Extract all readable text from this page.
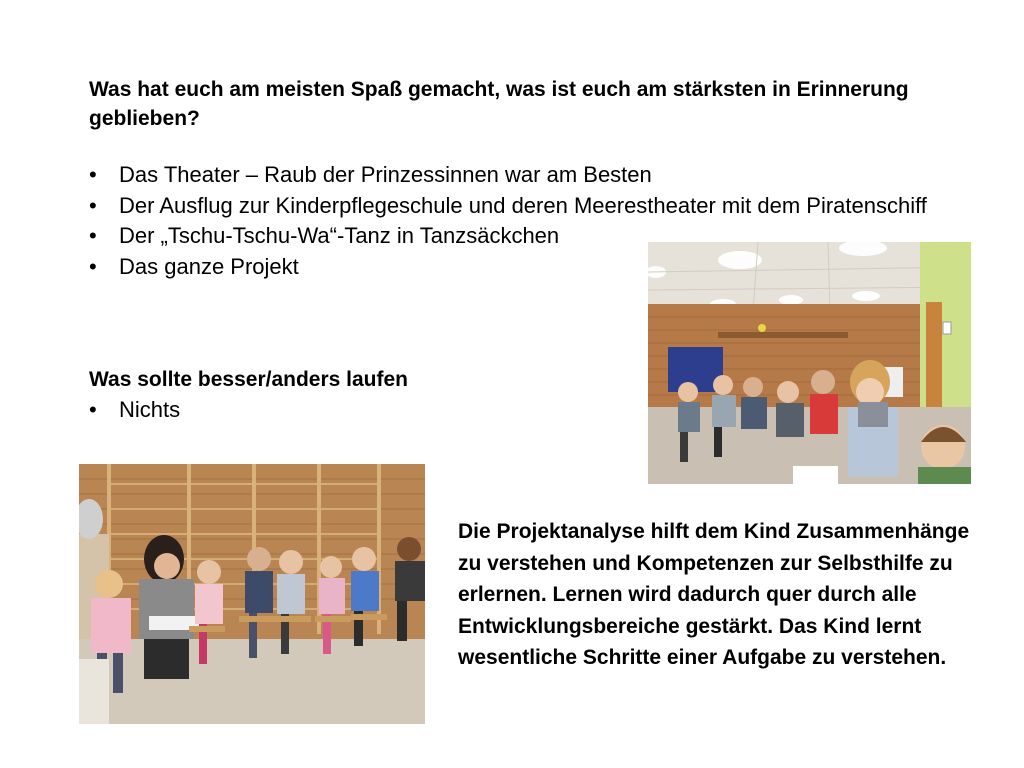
Was hat euch am meisten Spaß gemacht, was ist euch am stärksten in Erinnerung geblieben?
• Das Theater – Raub der Prinzessinnen war am Besten
• Der Ausflug zur Kinderpflegeschule und deren Meerestheater mit dem Piratenschiff
• Der „Tschu-Tschu-Wa“-Tanz in Tanzsäckchen
• Das ganze Projekt
Was sollte besser/anders laufen
• Nichts
Die Projektanalyse hilft dem Kind Zusammenhänge zu verstehen und Kompetenzen zur Selbsthilfe zu erlernen. Lernen wird dadurch quer durch alle Entwicklungsbereiche gestärkt. Das Kind lernt wesentliche Schritte einer Aufgabe zu verstehen.
